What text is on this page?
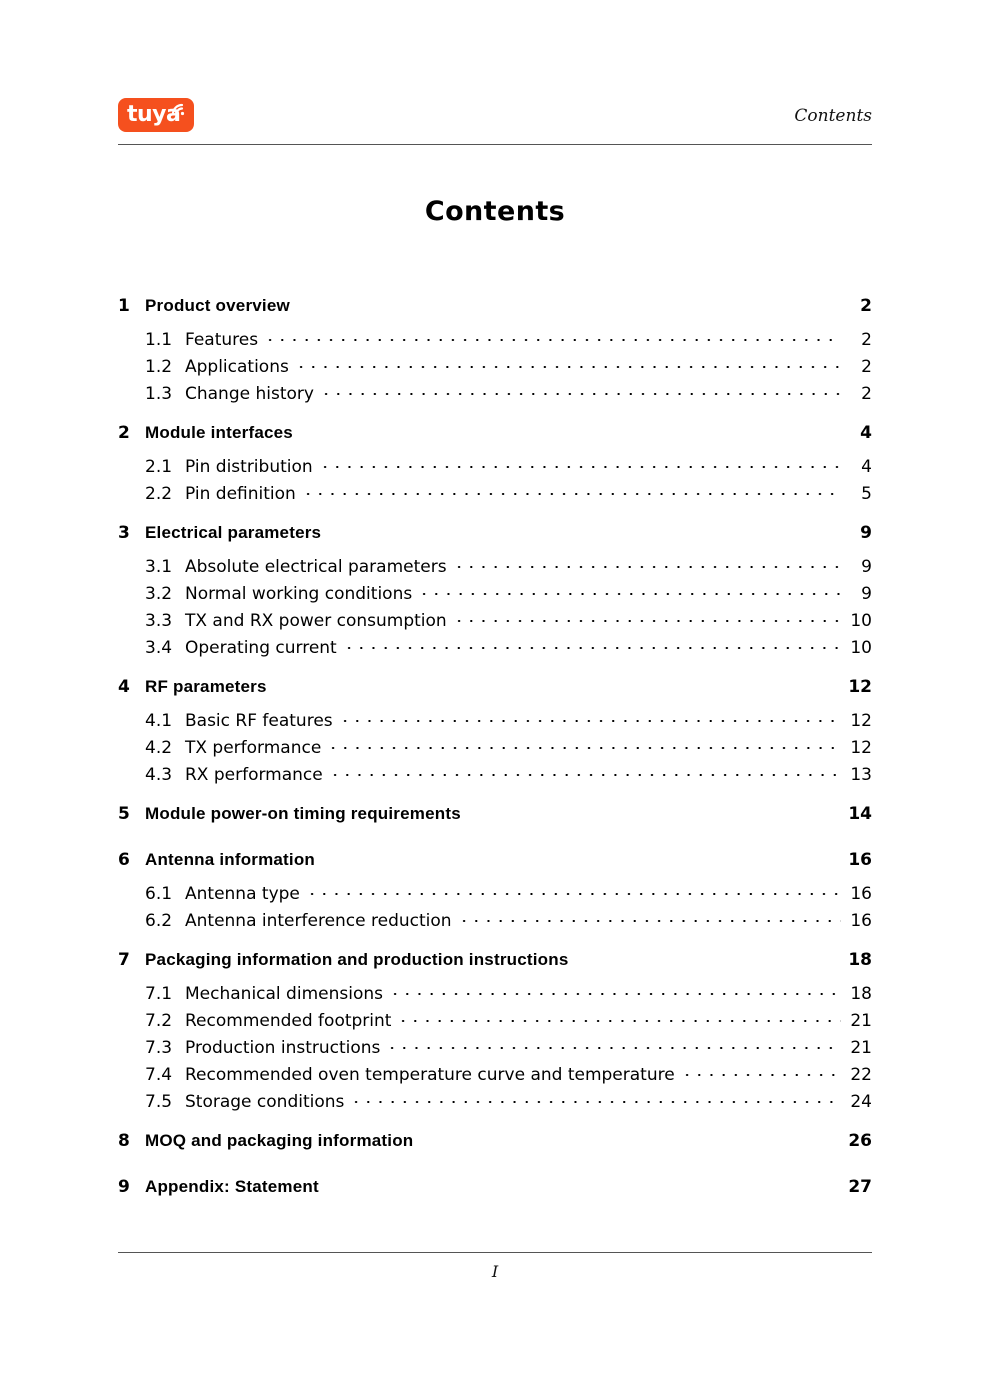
tuya	Contents
Contents
1 Product overview	2
1.1 Features	2
1.2 Applications	2
1.3 Change history	2
2 Module interfaces	4
2.1 Pin distribution	4
2.2 Pin definition	5
3 Electrical parameters	9
3.1 Absolute electrical parameters	9
3.2 Normal working conditions	9
3.3 TX and RX power consumption	10
3.4 Operating current	10
4 RF parameters	12
4.1 Basic RF features	12
4.2 TX performance	12
4.3 RX performance	13
5 Module power-on timing requirements	14
6 Antenna information	16
6.1 Antenna type	16
6.2 Antenna interference reduction	16
7 Packaging information and production instructions	18
7.1 Mechanical dimensions	18
7.2 Recommended footprint	21
7.3 Production instructions	21
7.4 Recommended oven temperature curve and temperature	22
7.5 Storage conditions	24
8 MOQ and packaging information	26
9 Appendix: Statement	27
I
